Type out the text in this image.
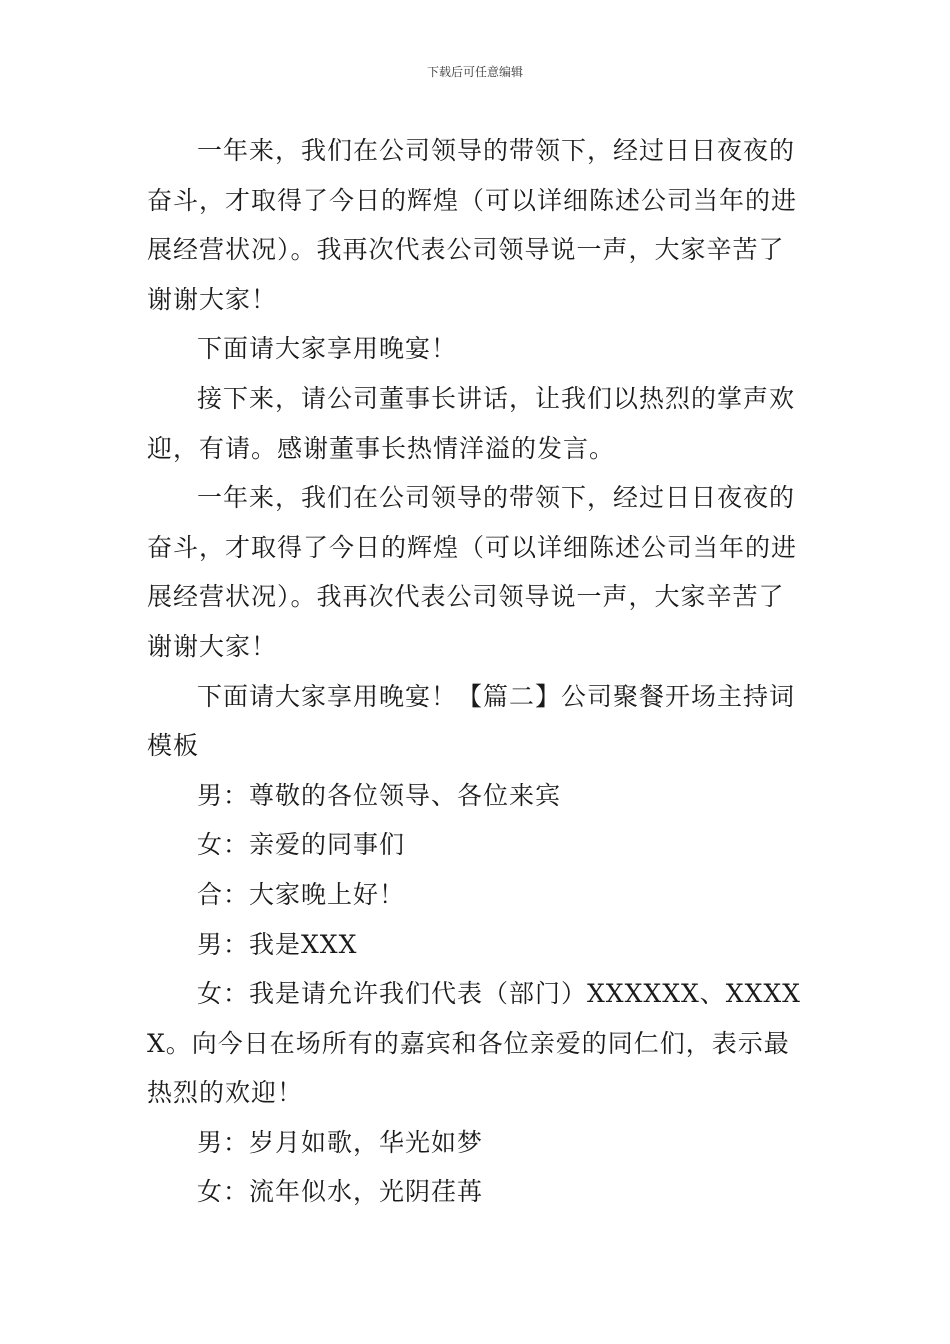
下载后可任意编辑

一年来，我们在公司领导的带领下，经过日日夜夜的奋斗，才取得了今日的辉煌（可以详细陈述公司当年的进展经营状况）。我再次代表公司领导说一声，大家辛苦了谢谢大家！

下面请大家享用晚宴！

接下来，请公司董事长讲话，让我们以热烈的掌声欢迎，有请。感谢董事长热情洋溢的发言。

一年来，我们在公司领导的带领下，经过日日夜夜的奋斗，才取得了今日的辉煌（可以详细陈述公司当年的进展经营状况）。我再次代表公司领导说一声，大家辛苦了谢谢大家！

下面请大家享用晚宴！【篇二】公司聚餐开场主持词模板

男：尊敬的各位领导、各位来宾

女：亲爱的同事们

合：大家晚上好！

男：我是XXX

女：我是请允许我们代表（部门）XXXXXX、XXXXX。向今日在场所有的嘉宾和各位亲爱的同仁们，表示最热烈的欢迎！

男：岁月如歌，华光如梦

女：流年似水，光阴荏苒
